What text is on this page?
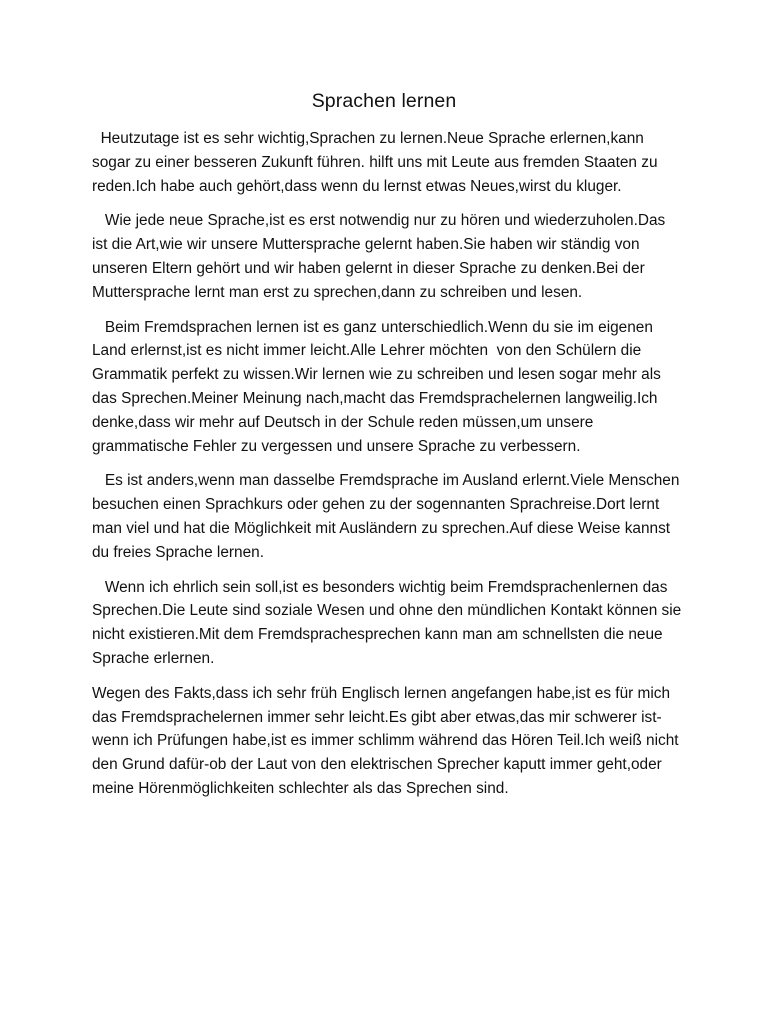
Sprachen lernen

Heutzutage ist es sehr wichtig,Sprachen zu lernen.Neue Sprache erlernen,kann  sogar zu einer besseren Zukunft führen. hilft uns mit Leute aus fremden Staaten zu reden.Ich habe auch gehört,dass wenn du lernst etwas Neues,wirst du kluger.

Wie jede neue Sprache,ist es erst notwendig nur zu hören und wiederzuholen.Das ist die Art,wie wir unsere Muttersprache gelernt haben.Sie haben wir ständig von unseren Eltern gehört und wir haben gelernt in dieser Sprache zu denken.Bei der Muttersprache lernt man erst zu sprechen,dann zu schreiben und lesen.

Beim Fremdsprachen lernen ist es ganz unterschiedlich.Wenn du sie im eigenen Land erlernst,ist es nicht immer leicht.Alle Lehrer möchten  von den Schülern die Grammatik perfekt zu wissen.Wir lernen wie zu schreiben und lesen sogar mehr als das Sprechen.Meiner Meinung nach,macht das Fremdsprachelernen langweilig.Ich denke,dass wir mehr auf Deutsch in der Schule reden müssen,um unsere grammatische Fehler zu vergessen und unsere Sprache zu verbessern.

Es ist anders,wenn man dasselbe Fremdsprache im Ausland erlernt.Viele Menschen besuchen einen Sprachkurs oder gehen zu der sogennanten Sprachreise.Dort lernt man viel und hat die Möglichkeit mit Ausländern zu sprechen.Auf diese Weise kannst du freies Sprache lernen.

Wenn ich ehrlich sein soll,ist es besonders wichtig beim Fremdsprachenlernen das Sprechen.Die Leute sind soziale Wesen und ohne den mündlichen Kontakt können sie nicht existieren.Mit dem Fremdsprachesprechen kann man am schnellsten die neue Sprache erlernen.

Wegen des Fakts,dass ich sehr früh Englisch lernen angefangen habe,ist es für mich das Fremdsprachelernen immer sehr leicht.Es gibt aber etwas,das mir schwerer ist-wenn ich Prüfungen habe,ist es immer schlimm während das Hören Teil.Ich weiß nicht den Grund dafür-ob der Laut von den elektrischen Sprecher kaputt immer geht,oder meine Hörenmöglichkeiten schlechter als das Sprechen sind.
